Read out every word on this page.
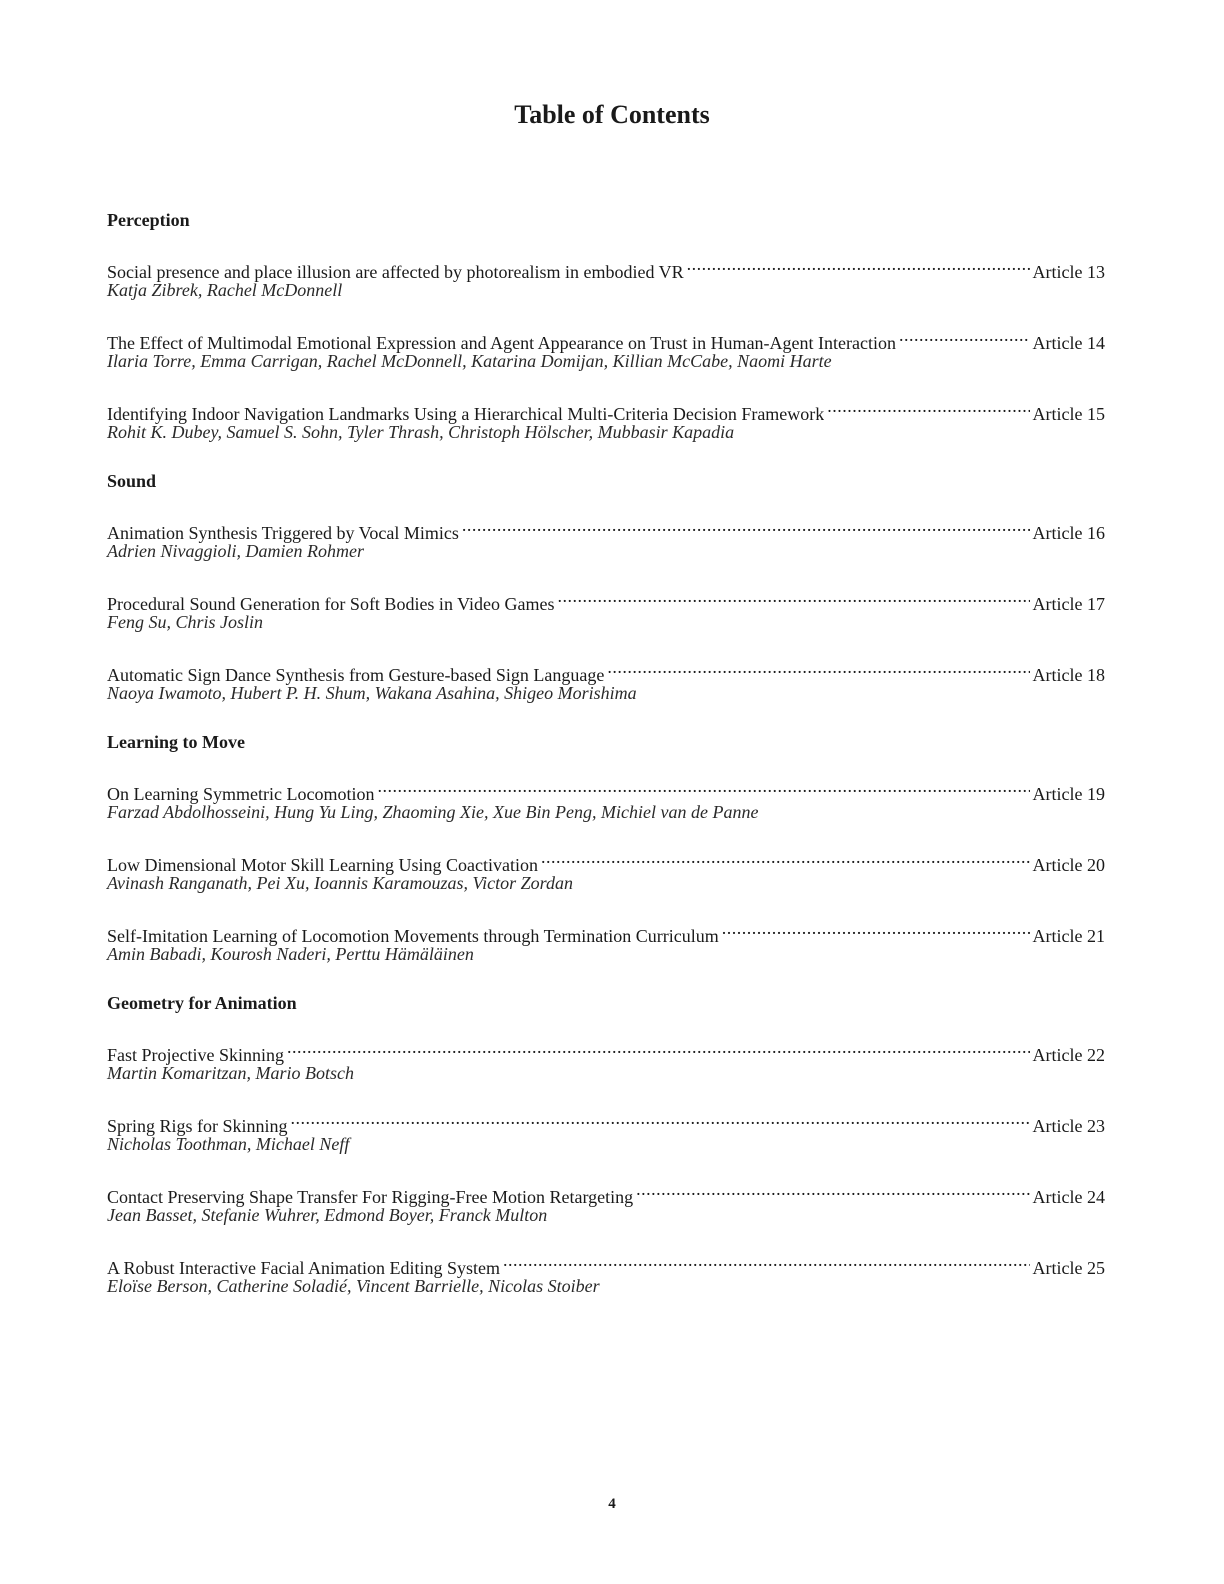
Table of Contents
Perception
Social presence and place illusion are affected by photorealism in embodied VR .....	Article 13
Katja Zibrek, Rachel McDonnell
The Effect of Multimodal Emotional Expression and Agent Appearance on Trust in Human-Agent Interaction .....	Article 14
Ilaria Torre, Emma Carrigan, Rachel McDonnell, Katarina Domijan, Killian McCabe, Naomi Harte
Identifying Indoor Navigation Landmarks Using a Hierarchical Multi-Criteria Decision Framework .....	Article 15
Rohit K. Dubey, Samuel S. Sohn, Tyler Thrash, Christoph Hölscher, Mubbasir Kapadia
Sound
Animation Synthesis Triggered by Vocal Mimics .....	Article 16
Adrien Nivaggioli, Damien Rohmer
Procedural Sound Generation for Soft Bodies in Video Games .....	Article 17
Feng Su, Chris Joslin
Automatic Sign Dance Synthesis from Gesture-based Sign Language .....	Article 18
Naoya Iwamoto, Hubert P. H. Shum, Wakana Asahina, Shigeo Morishima
Learning to Move
On Learning Symmetric Locomotion .....	Article 19
Farzad Abdolhosseini, Hung Yu Ling, Zhaoming Xie, Xue Bin Peng, Michiel van de Panne
Low Dimensional Motor Skill Learning Using Coactivation .....	Article 20
Avinash Ranganath, Pei Xu, Ioannis Karamouzas, Victor Zordan
Self-Imitation Learning of Locomotion Movements through Termination Curriculum .....	Article 21
Amin Babadi, Kourosh Naderi, Perttu Hämäläinen
Geometry for Animation
Fast Projective Skinning .....	Article 22
Martin Komaritzan, Mario Botsch
Spring Rigs for Skinning .....	Article 23
Nicholas Toothman, Michael Neff
Contact Preserving Shape Transfer For Rigging-Free Motion Retargeting .....	Article 24
Jean Basset, Stefanie Wuhrer, Edmond Boyer, Franck Multon
A Robust Interactive Facial Animation Editing System .....	Article 25
Eloïse Berson, Catherine Soladié, Vincent Barrielle, Nicolas Stoiber
4
